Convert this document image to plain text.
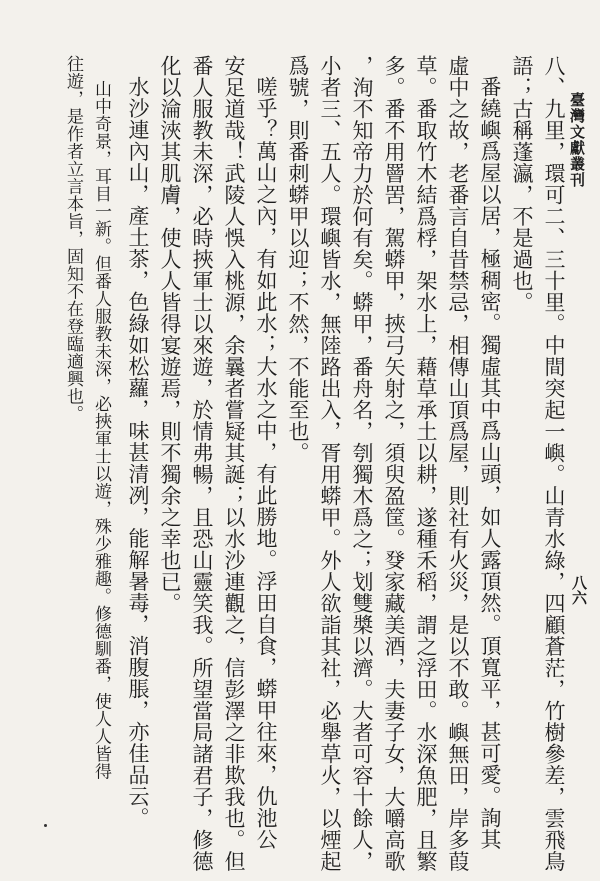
臺灣文獻叢刊
八六
八、九里，環可二、三十里。中間突起一嶼。山青水綠，四顧蒼茫，竹樹參差，雲飛鳥
語；古稱蓬瀛，不是過也。
番繞嶼爲屋以居，極稠密。獨虛其中爲山頭，如人露頂然。頂寬平，甚可愛。詢其
虛中之故，老番言自昔禁忌，相傳山頂爲屋，則社有火災，是以不敢。嶼無田，岸多葭
草。番取竹木結爲桴，架水上，藉草承土以耕，遂種禾稻，謂之浮田。水深魚肥，且繁
多。番不用罾罟，駕蟒甲，挾弓矢射之，須臾盈筐。癹家藏美酒，夫妻子女，大嚼高歌
，洵不知帝力於何有矣。蟒甲，番舟名，刳獨木爲之；划雙槳以濟。大者可容十餘人，
小者三、五人。環嶼皆水，無陸路出入，胥用蟒甲。外人欲詣其社，必舉草火，以煙起
爲號，則番刺蟒甲以迎；不然，不能至也。
嗟乎？萬山之內，有如此水；大水之中，有此勝地。浮田自食，蟒甲往來，仇池公
安足道哉！武陵人悞入桃源，余曩者嘗疑其誕；以水沙連觀之，信彭澤之非欺我也。但
番人服教未深，必時挾軍士以來遊，於情弗暢，且恐山靈笑我。所望當局諸君子，修德
化以淪浹其肌膚，使人人皆得宴遊焉，則不獨余之幸也已。
水沙連內山，產土茶，色綠如松蘿，味甚清冽，能解暑毒，消腹脹，亦佳品云。
山中奇景，耳目一新。但番人服教未深，必挾軍士以遊，殊少雅趣。修德馴番，使人人皆得
往遊，是作者立言本旨，固知不在登臨適興也。
